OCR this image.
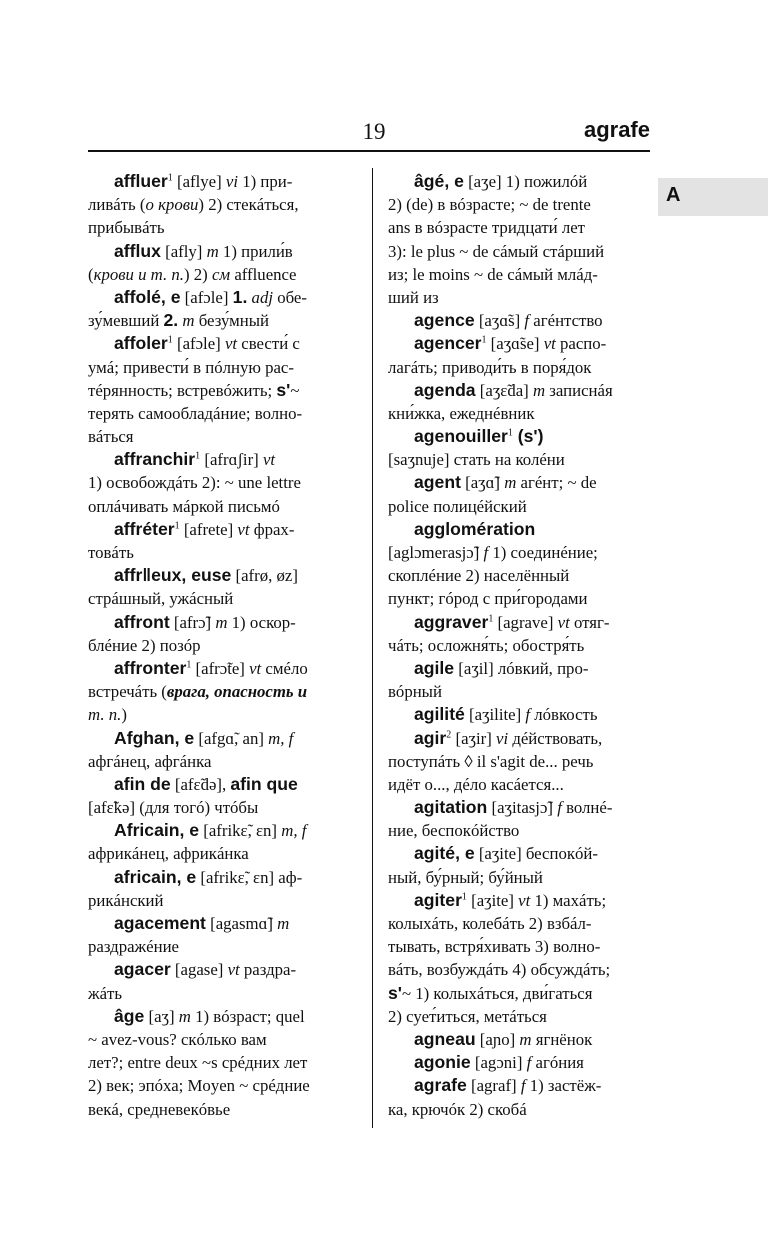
19	agrafe
A
affluer$^1$ [aflye] vi 1) при-
ливáть (о крови) 2) стекáться,
прибывáть
afflux [afly] m 1) прили́в
(крови и т. п.) 2) см affluence
affolé, e [afɔle] 1. adj обе-
зу́мевший 2. m безу́мный
affoler$^1$ [afɔle] vt свести́ с
умá; привести́ в пóлную рас-
тéрянность; встревóжить; s'~
терять самообладáние; волно-
вáться
affranchir$^1$ [afrɑʃir] vt
1) освобождáть 2): ~ une lettre
оплáчивать мáркой письмó
affréter$^1$ [afrete] vt фрах-
товáть
affr‖eux, euse [afrø, øz]
стрáшный, ужáсный
affront [afrɔ̃] m 1) оскор-
блéние 2) позóр
affronter$^1$ [afrɔ̃te] vt смéло
встречáть (врага, опасность и
т. п.)
Afghan, e [afgɑ̃, an] m, f
афгáнец, афгáнка
afin de [afɛ̃də], afin que
[afɛ̃kə] (для тогó) чтóбы
Africain, e [afrikɛ̃, ɛn] m, f
африкáнец, африкáнка
africain, e [afrikɛ̃, ɛn] аф-
рикáнский
agacement [agasmɑ̃] m
раздражéние
agacer [agase] vt раздра-
жáть
âge [aʒ] m 1) вóзраст; quel
~ avez-vous? скóлько вам
лет?; entre deux ~s срéдних лет
2) век; эпóха; Moyen ~ срéдние
векá, средневекóвье
âgé, e [aʒe] 1) пожилóй
2) (de) в вóзрасте; ~ de trente
ans в вóзрасте тридцати́ лет
3): le plus ~ de сáмый стáрший
из; le moins ~ de сáмый млáд-
ший из
agence [aʒɑ̃s] f агéнтство
agencer$^1$ [aʒɑ̃se] vt распо-
лагáть; приводи́ть в поря́док
agenda [aʒɛ̃da] m записнáя
кни́жка, ежеднéвник
agenouiller$^1$ (s')
[saʒnuje] стать на колéни
agent [aʒɑ̃] m агéнт; ~ de
police полицéйский
agglomération
[aglɔmerasjɔ̃] f 1) соединéние;
скоплéние 2) населённый
пункт; гóрод с при́городами
aggraver$^1$ [agrave] vt отяг-
чáть; осложня́ть; обостря́ть
agile [aʒil] лóвкий, про-
вóрный
agilité [aʒilite] f лóвкость
agir$^2$ [aʒir] vi дéйствовать,
поступáть ◊ il s'agit de... речь
идёт о..., дéло касáется...
agitation [aʒitasjɔ̃] f волнé-
ние, беспокóйство
agité, e [aʒite] беспокóй-
ный, бу́рный; бу́йный
agiter$^1$ [aʒite] vt 1) махáть;
колыхáть, колебáть 2) взбáл-
тывать, встря́хивать 3) волно-
вáть, возбуждáть 4) обсуждáть;
s'~ 1) колыхáться, дви́гаться
2) сует́иться, метáться
agneau [aɲo] m ягнёнок
agonie [agɔni] f агóния
agrafe [agraf] f 1) застёж-
ка, крючóк 2) скобá
